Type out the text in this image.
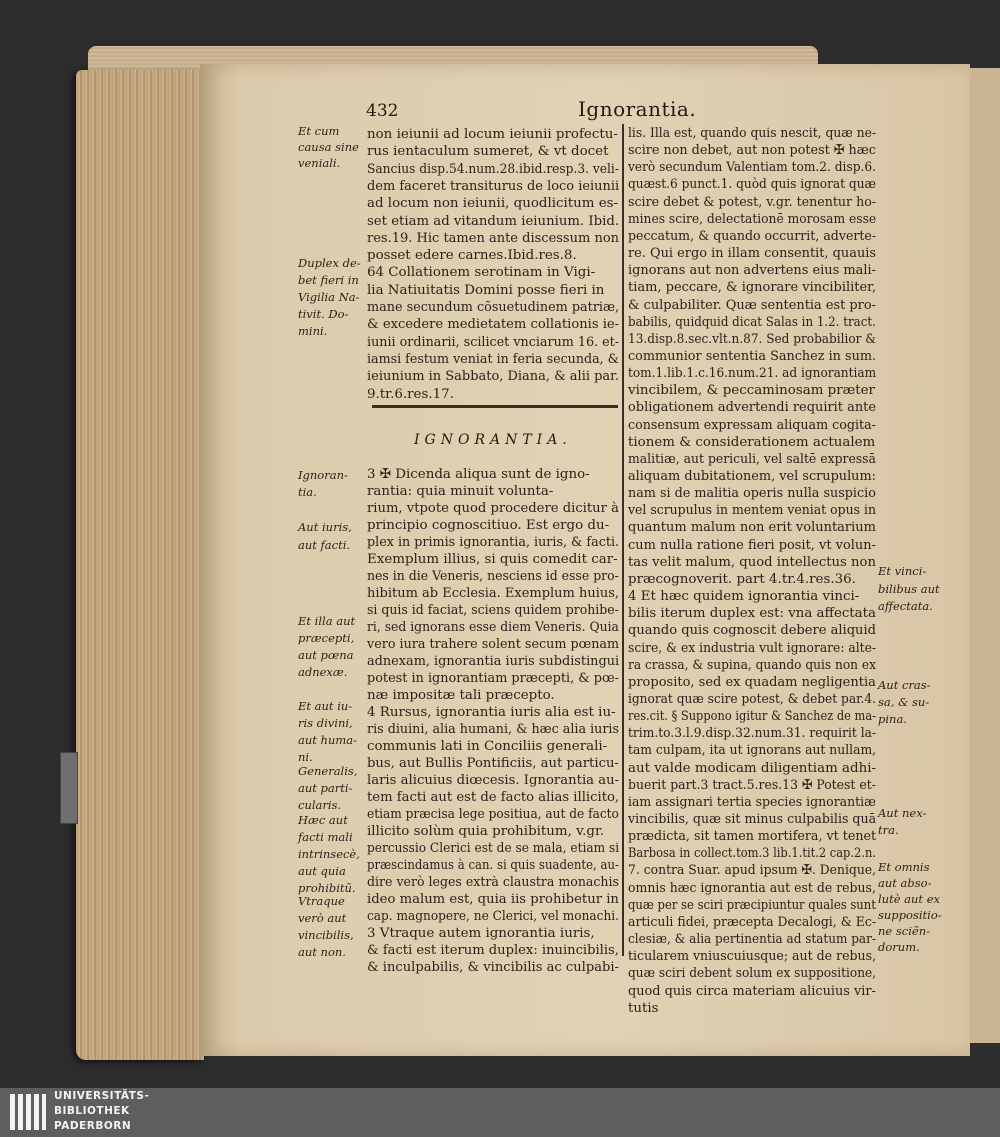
432	Ignorantia.
IGNORANTIA.
non ieiunii ad locum ieiunii profectu-
rus ientaculum sumeret, & vt docet
Sancius disp.54.num.28.ibid.resp.3. veli-
dem faceret transiturus de loco ieiunii
ad locum non ieiunii, quodlicitum es-
set etiam ad vitandum ieiunium. Ibid.
res.19. Hic tamen ante discessum non
posset edere carnes.Ibid.res.8.
64 Collationem serotinam in Vigi-
lia Natiuitatis Domini posse fieri in
mane secundum cõsuetudinem patriæ,
& excedere medietatem collationis ie-
iunii ordinarii, scilicet vnciarum 16. et-
iamsi festum veniat in feria secunda, &
ieiunium in Sabbato, Diana, & alii par.
9.tr.6.res.17.
3 ✠ Dicenda aliqua sunt de igno-
rantia: quia minuit volunta-
rium, vtpote quod procedere dicitur à
principio cognoscitiuo. Est ergo du-
plex in primis ignorantia, iuris, & facti.
Exemplum illius, si quis comedit car-
nes in die Veneris, nesciens id esse pro-
hibitum ab Ecclesia. Exemplum huius,
si quis id faciat, sciens quidem prohibe-
ri, sed ignorans esse diem Veneris. Quia
vero iura trahere solent secum pœnam
adnexam, ignorantia iuris subdistingui
potest in ignorantiam præcepti, & pœ-
næ impositæ tali præcepto.
4 Rursus, ignorantia iuris alia est iu-
ris diuini, alia humani, & hæc alia iuris
communis lati in Conciliis generali-
bus, aut Bullis Pontificiis, aut particu-
laris alicuius diœcesis. Ignorantia au-
tem facti aut est de facto alias illicito,
etiam præcisa lege positiua, aut de facto
illicito solùm quia prohibitum, v.gr.
percussio Clerici est de se mala, etiam si
præscindamus à can. si quis suadente, au-
dire verò leges extrà claustra monachis
ideo malum est, quia iis prohibetur in
cap. magnopere, ne Clerici, vel monachi.
3 Vtraque autem ignorantia iuris,
& facti est iterum duplex: inuincibilis,
& inculpabilis, & vincibilis ac culpabi-
lis. Illa est, quando quis nescit, quæ ne-
scire non debet, aut non potest ✠ hæc
verò secundum Valentiam tom.2. disp.6.
quæst.6 punct.1. quòd quis ignorat quæ
scire debet & potest, v.gr. tenentur ho-
mines scire, delectationē morosam esse
peccatum, & quando occurrit, adverte-
re. Qui ergo in illam consentit, quauis
ignorans aut non advertens eius mali-
tiam, peccare, & ignorare vincibiliter,
& culpabiliter. Quæ sententia est pro-
babilis, quidquid dicat Salas in 1.2. tract.
13.disp.8.sec.vlt.n.87. Sed probabilior &
communior sententia Sanchez in sum.
tom.1.lib.1.c.16.num.21. ad ignorantiam
vincibilem, & peccaminosam præter
obligationem advertendi requirit ante
consensum expressam aliquam cogita-
tionem & considerationem actualem
malitiæ, aut periculi, vel saltē expressā
aliquam dubitationem, vel scrupulum:
nam si de malitia operis nulla suspicio
vel scrupulus in mentem veniat opus in
quantum malum non erit voluntarium
cum nulla ratione fieri posit, vt volun-
tas velit malum, quod intellectus non
præcognoverit. part 4.tr.4.res.36.
4 Et hæc quidem ignorantia vinci-
bilis iterum duplex est: vna affectata
quando quis cognoscit debere aliquid
scire, & ex industria vult ignorare: alte-
ra crassa, & supina, quando quis non ex
proposito, sed ex quadam negligentia
ignorat quæ scire potest, & debet par.4.
res.cit. § Suppono igitur & Sanchez de ma-
trim.to.3.l.9.disp.32.num.31. requirit la-
tam culpam, ita ut ignorans aut nullam,
aut valde modicam diligentiam adhi-
buerit part.3 tract.5.res.13 ✠ Potest et-
iam assignari tertia species ignorantiæ
vincibilis, quæ sit minus culpabilis quā
prædicta, sit tamen mortifera, vt tenet
Barbosa in collect.tom.3 lib.1.tit.2 cap.2.n.
7. contra Suar. apud ipsum ✠. Denique,
omnis hæc ignorantia aut est de rebus,
quæ per se sciri præcipiuntur quales sunt
articuli fidei, præcepta Decalogi, & Ec-
clesiæ, & alia pertinentia ad statum par-
ticularem vniuscuiusque; aut de rebus,
quæ sciri debent solum ex suppositione,
quod quis circa materiam alicuius vir-
tutis
Et cum
causa sine
veniali.
Duplex de-
bet fieri in
Vigilia Na-
tivit. Do-
mini.
Ignoran-
tia.
Aut iuris,
aut facti.
Et illa aut
præcepti,
aut pœna
adnexæ.
Et aut iu-
ris divini,
aut huma-
ni.
Generalis,
aut parti-
cularis.
Hæc aut
facti mali
intrinsecè,
aut quia
prohibitũ.
Vtraque
verò aut
vincibilis,
aut non.
Et vinci-
bilibus aut
affectata.
Aut cras-
sa, & su-
pina.
Aut nex-
tra.
Et omnis
aut abso-
lutè aut ex
suppositio-
ne sciẽn-
dorum.
UNIVERSITÄTS-
BIBLIOTHEK
PADERBORN
